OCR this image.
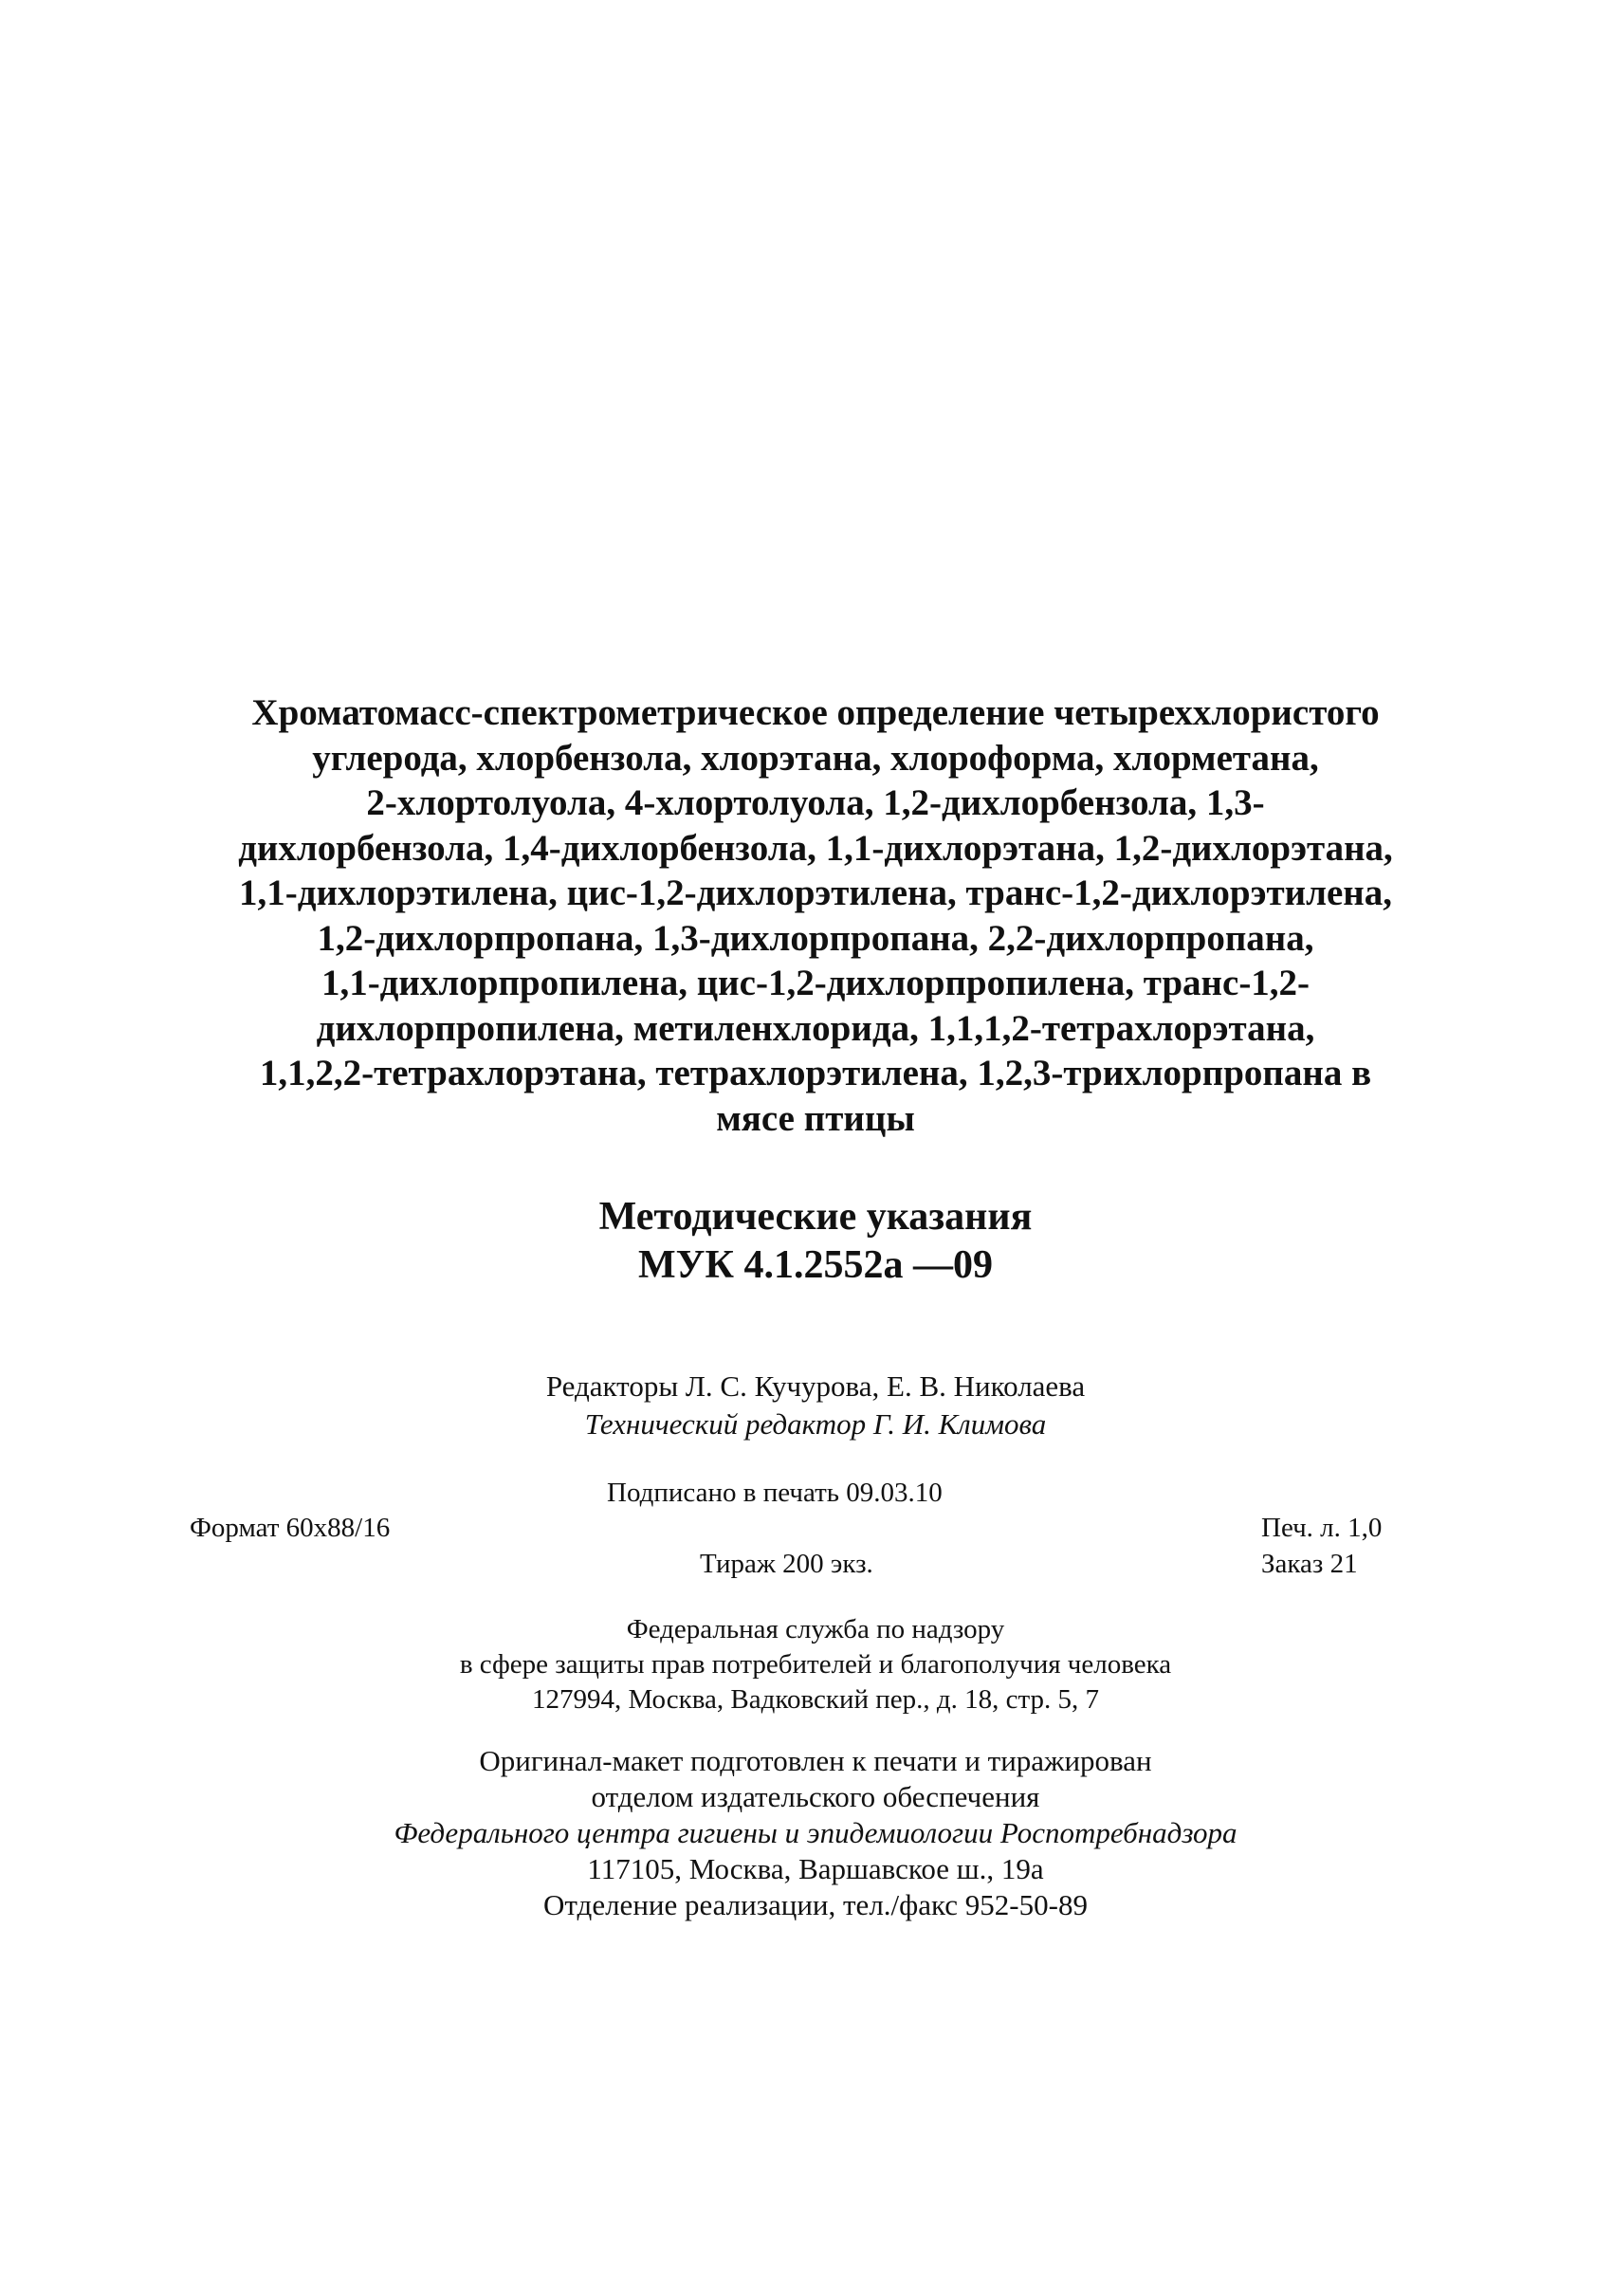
Хроматомасс-спектрометрическое определение четыреххлористого
углерода, хлорбензола, хлорэтана, хлороформа, хлорметана,
2-хлортолуола, 4-хлортолуола, 1,2-дихлорбензола, 1,3-
дихлорбензола, 1,4-дихлорбензола, 1,1-дихлорэтана, 1,2-дихлорэтана,
1,1-дихлорэтилена, цис-1,2-дихлорэтилена, транс-1,2-дихлорэтилена,
1,2-дихлорпропана, 1,3-дихлорпропана, 2,2-дихлорпропана,
1,1-дихлорпропилена, цис-1,2-дихлорпропилена, транс-1,2-
дихлорпропилена, метиленхлорида, 1,1,1,2-тетрахлорэтана,
1,1,2,2-тетрахлорэтана, тетрахлорэтилена, 1,2,3-трихлорпропана в
мясе птицы
Методические указания
МУК 4.1.2552а —09
Редакторы Л. С. Кучурова, Е. В. Николаева
Технический редактор Г. И. Климова
Подписано в печать 09.03.10
Формат 60x88/16	Печ. л. 1,0
Тираж 200 экз.	Заказ 21
Федеральная служба по надзору
в сфере защиты прав потребителей и благополучия человека
127994, Москва, Вадковский пер., д. 18, стр. 5, 7
Оригинал-макет подготовлен к печати и тиражирован
отделом издательского обеспечения
Федерального центра гигиены и эпидемиологии Роспотребнадзора
117105, Москва, Варшавское ш., 19а
Отделение реализации, тел./факс 952-50-89
